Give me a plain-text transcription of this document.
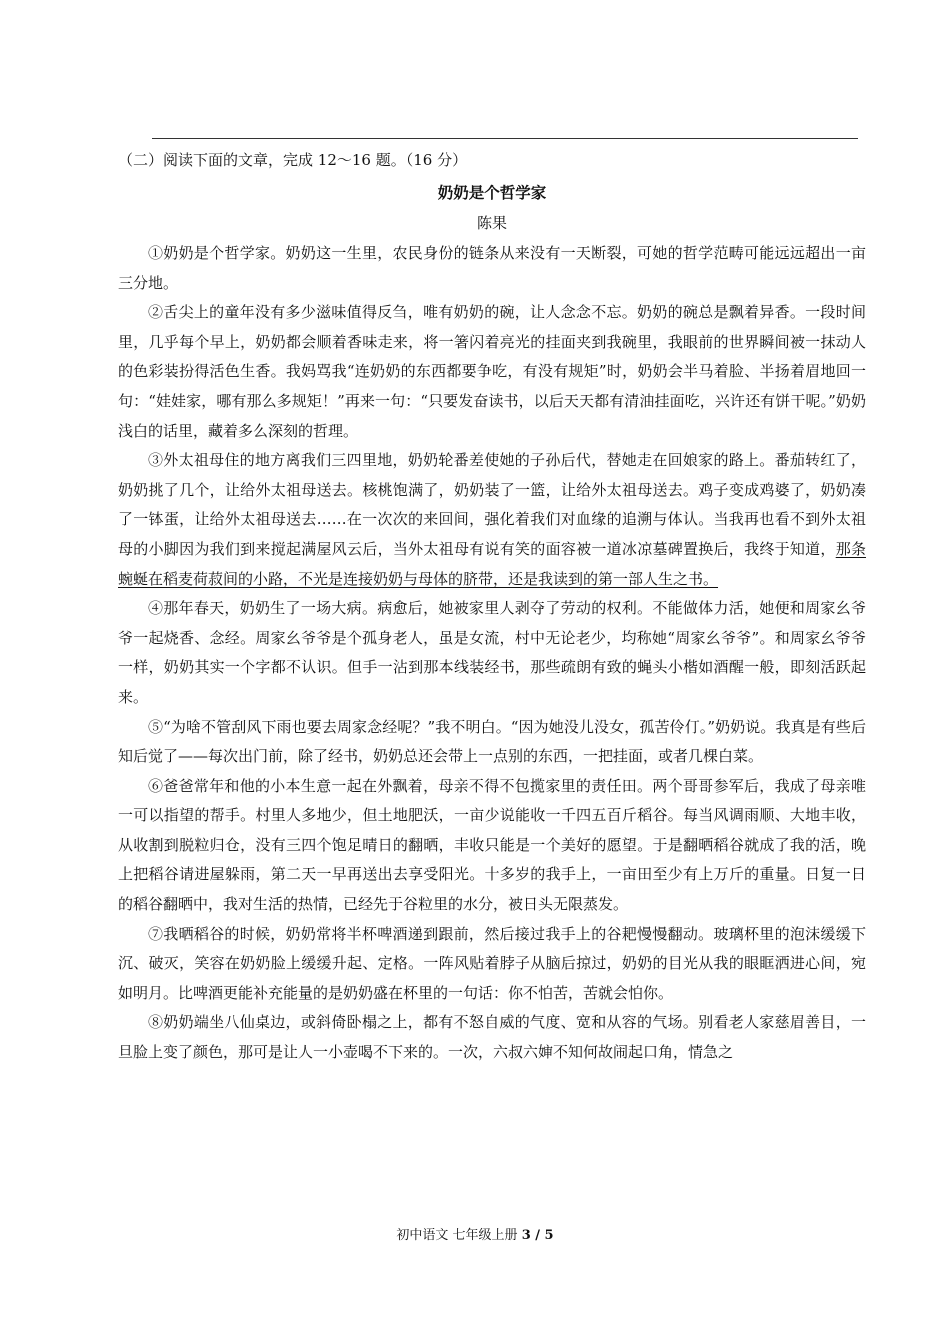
（二）阅读下面的文章，完成 12～16 题。（16 分）

奶奶是个哲学家
陈果

①奶奶是个哲学家。奶奶这一生里，农民身份的链条从来没有一天断裂，可她的哲学范畴可能远远超出一亩三分地。

②舌尖上的童年没有多少滋味值得反刍，唯有奶奶的碗，让人念念不忘。奶奶的碗总是飘着异香。一段时间里，几乎每个早上，奶奶都会顺着香味走来，将一箸闪着亮光的挂面夹到我碗里，我眼前的世界瞬间被一抹动人的色彩装扮得活色生香。我妈骂我“连奶奶的东西都要争吃，有没有规矩”时，奶奶会半马着脸、半扬着眉地回一句：“娃娃家，哪有那么多规矩！”再来一句：“只要发奋读书，以后天天都有清油挂面吃，兴许还有饼干呢。”奶奶浅白的话里，藏着多么深刻的哲理。

③外太祖母住的地方离我们三四里地，奶奶轮番差使她的子孙后代，替她走在回娘家的路上。番茄转红了，奶奶挑了几个，让给外太祖母送去。核桃饱满了，奶奶装了一篮，让给外太祖母送去。鸡子变成鸡婆了，奶奶凑了一钵蛋，让给外太祖母送去……在一次次的来回间，强化着我们对血缘的追溯与体认。当我再也看不到外太祖母的小脚因为我们到来搅起满屋风云后，当外太祖母有说有笑的面容被一道冰凉墓碑置换后，我终于知道，那条蜿蜒在稻麦荷菽间的小路，不光是连接奶奶与母体的脐带，还是我读到的第一部人生之书。

④那年春天，奶奶生了一场大病。病愈后，她被家里人剥夺了劳动的权利。不能做体力活，她便和周家幺爷爷一起烧香、念经。周家幺爷爷是个孤身老人，虽是女流，村中无论老少，均称她“周家幺爷爷”。和周家幺爷爷一样，奶奶其实一个字都不认识。但手一沾到那本线装经书，那些疏朗有致的蝇头小楷如酒醒一般，即刻活跃起来。

⑤“为啥不管刮风下雨也要去周家念经呢？”我不明白。“因为她没儿没女，孤苦伶仃。”奶奶说。我真是有些后知后觉了——每次出门前，除了经书，奶奶总还会带上一点别的东西，一把挂面，或者几棵白菜。

⑥爸爸常年和他的小本生意一起在外飘着，母亲不得不包揽家里的责任田。两个哥哥参军后，我成了母亲唯一可以指望的帮手。村里人多地少，但土地肥沃，一亩少说能收一千四五百斤稻谷。每当风调雨顺、大地丰收，从收割到脱粒归仓，没有三四个饱足晴日的翻晒，丰收只能是一个美好的愿望。于是翻晒稻谷就成了我的活，晚上把稻谷请进屋躲雨，第二天一早再送出去享受阳光。十多岁的我手上，一亩田至少有上万斤的重量。日复一日的稻谷翻晒中，我对生活的热情，已经先于谷粒里的水分，被日头无限蒸发。

⑦我晒稻谷的时候，奶奶常将半杯啤酒递到跟前，然后接过我手上的谷耙慢慢翻动。玻璃杯里的泡沫缓缓下沉、破灭，笑容在奶奶脸上缓缓升起、定格。一阵风贴着脖子从脑后掠过，奶奶的目光从我的眼眶洒进心间，宛如明月。比啤酒更能补充能量的是奶奶盛在杯里的一句话：你不怕苦，苦就会怕你。

⑧奶奶端坐八仙桌边，或斜倚卧榻之上，都有不怒自威的气度、宽和从容的气场。别看老人家慈眉善目，一旦脸上变了颜色，那可是让人一小壶喝不下来的。一次，六叔六婶不知何故闹起口角，情急之

初中语文 七年级上册 3 / 5
